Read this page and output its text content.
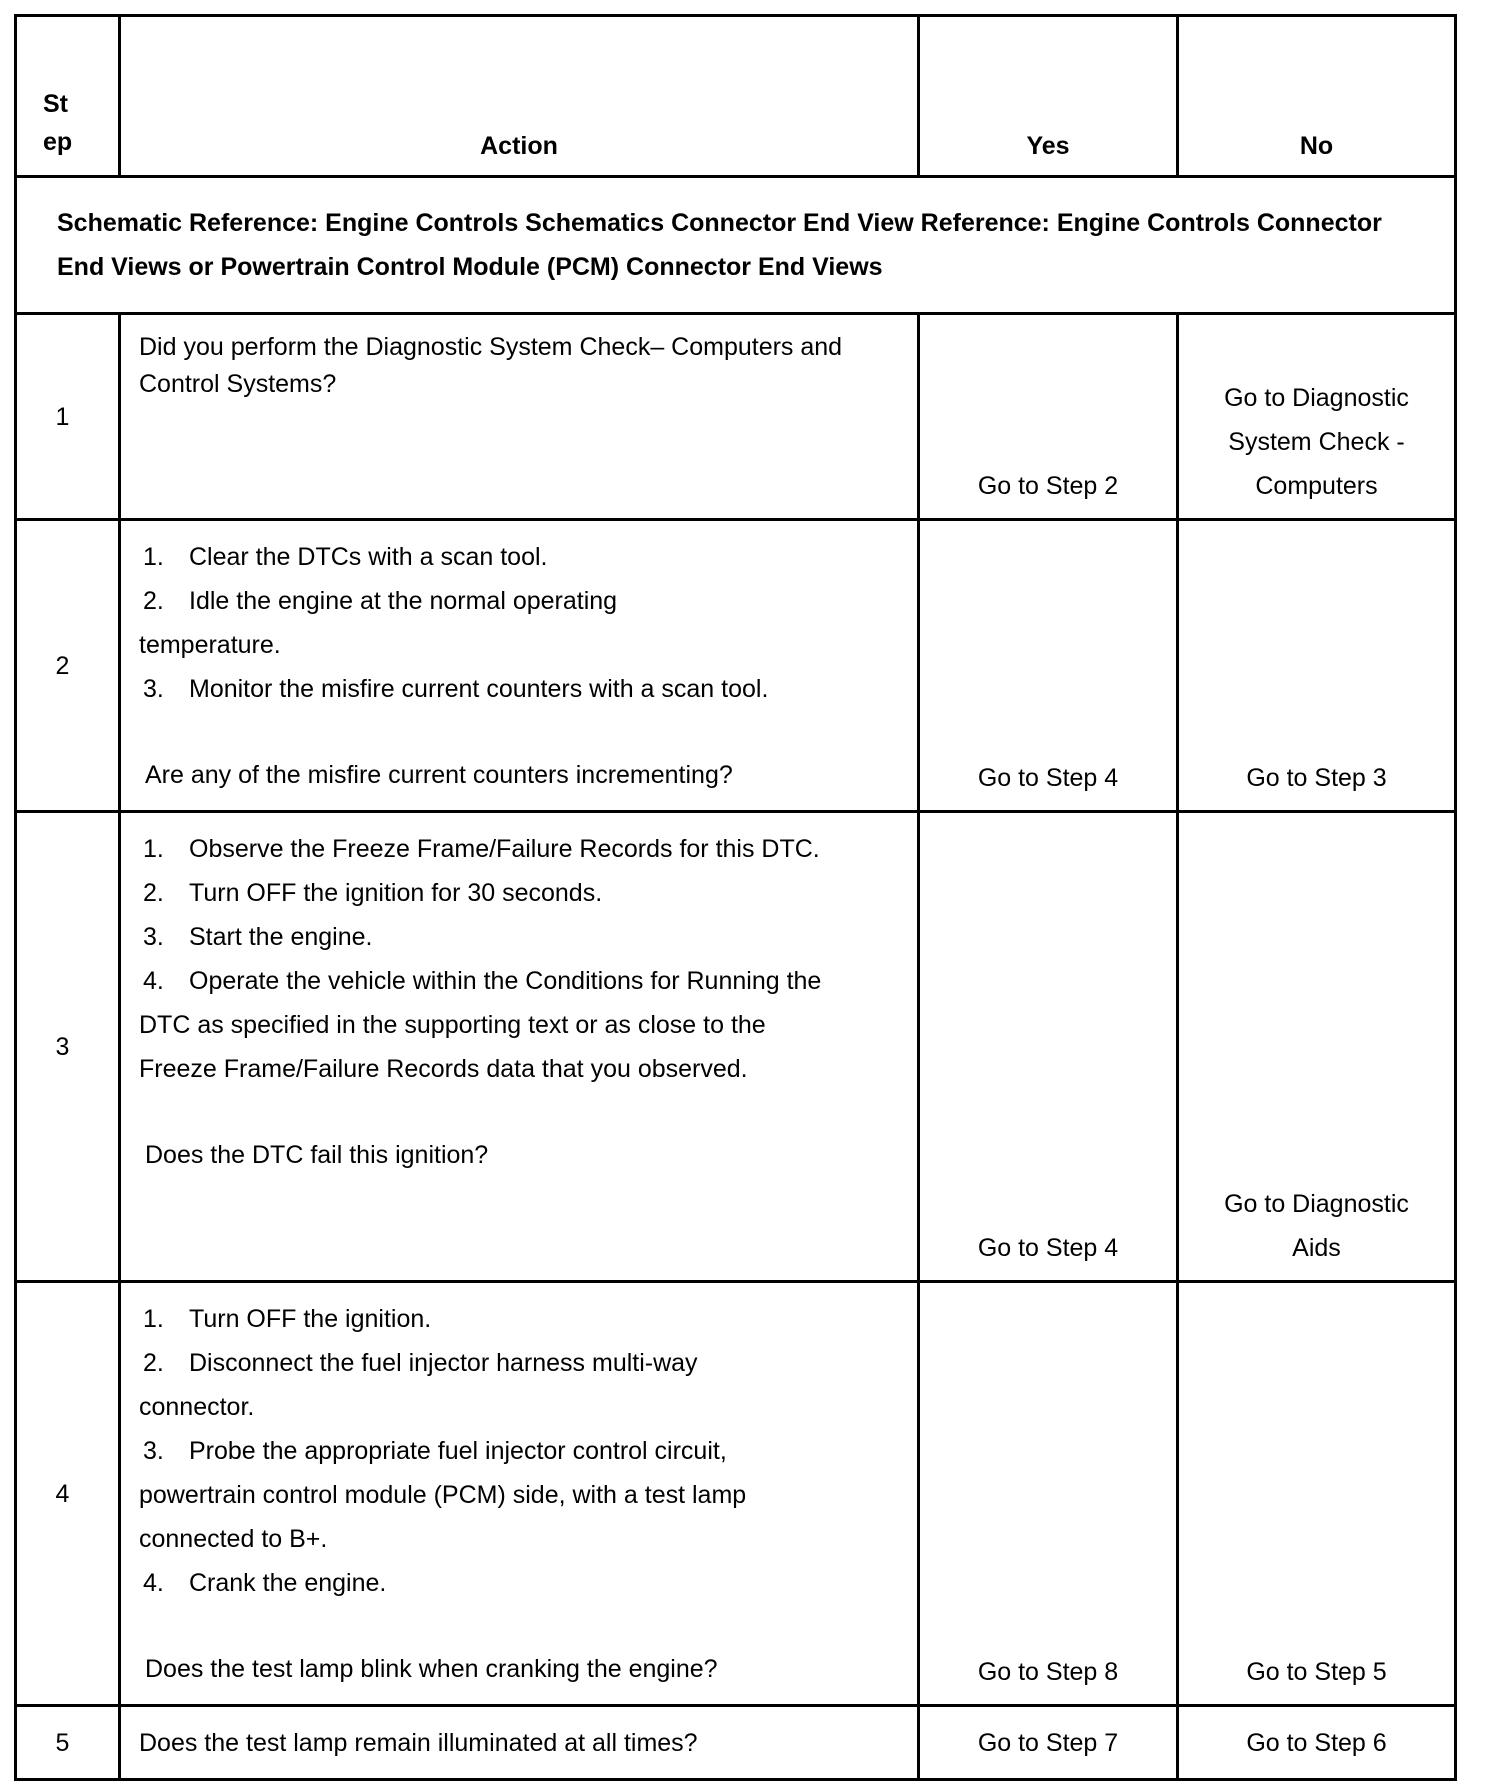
St ep	Action	Yes	No
Schematic Reference: Engine Controls Schematics Connector End View Reference: Engine Controls Connector End Views or Powertrain Control Module (PCM) Connector End Views			
1	Did you perform the Diagnostic System Check– Computers and Control Systems?	Go to Step 2	Go to Diagnostic System Check - Computers
2	1. Clear the DTCs with a scan tool.
2. Idle the engine at the normal operating temperature.
3. Monitor the misfire current counters with a scan tool.
Are any of the misfire current counters incrementing?	Go to Step 4	Go to Step 3
3	1. Observe the Freeze Frame/Failure Records for this DTC.
2. Turn OFF the ignition for 30 seconds.
3. Start the engine.
4. Operate the vehicle within the Conditions for Running the DTC as specified in the supporting text or as close to the Freeze Frame/Failure Records data that you observed.
Does the DTC fail this ignition?	Go to Step 4	Go to Diagnostic Aids
4	1. Turn OFF the ignition.
2. Disconnect the fuel injector harness multi-way connector.
3. Probe the appropriate fuel injector control circuit, powertrain control module (PCM) side, with a test lamp connected to B+.
4. Crank the engine.
Does the test lamp blink when cranking the engine?	Go to Step 8	Go to Step 5
5	Does the test lamp remain illuminated at all times?	Go to Step 7	Go to Step 6
